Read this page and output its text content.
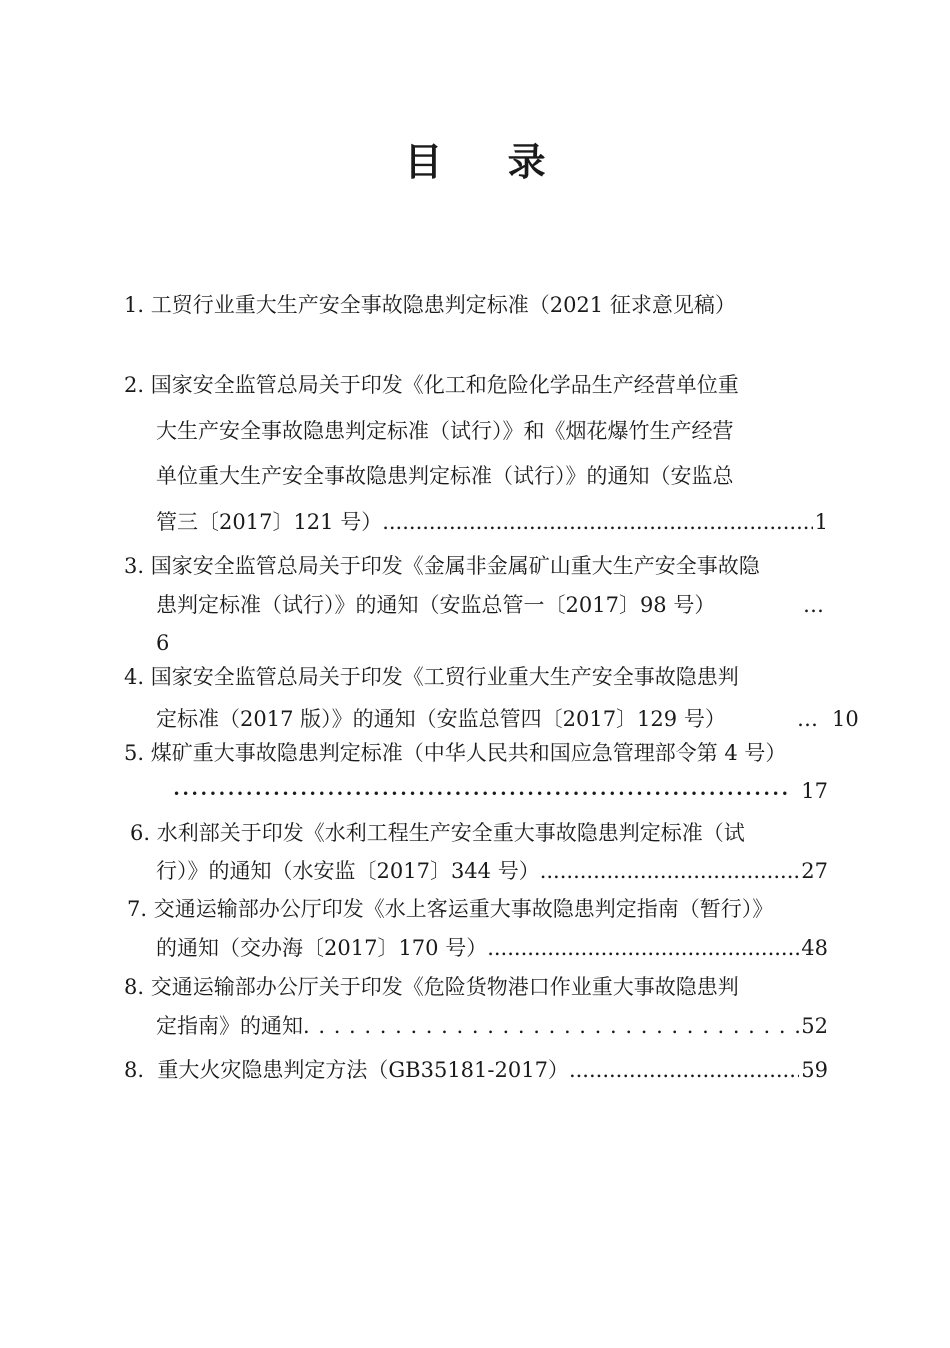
目 录
1. 工贸行业重大生产安全事故隐患判定标准（2021 征求意见稿）
2. 国家安全监管总局关于印发《化工和危险化学品生产经营单位重
大生产安全事故隐患判定标准（试行）》和《烟花爆竹生产经营
单位重大生产安全事故隐患判定标准（试行）》的通知（安监总
管三〔2017〕121 号） .....	1
3. 国家安全监管总局关于印发《金属非金属矿山重大生产安全事故隐
患判定标准（试行）》的通知（安监总管一〔2017〕98 号）	…
6
4. 国家安全监管总局关于印发《工贸行业重大生产安全事故隐患判
定标准（2017 版）》的通知（安监总管四〔2017〕129 号）	… 10
5. 煤矿重大事故隐患判定标准（中华人民共和国应急管理部令第 4 号）
•••••
17
6. 水利部关于印发《水利工程生产安全重大事故隐患判定标准（试
行）》的通知（水安监〔2017〕344 号） .....	27
7. 交通运输部办公厅印发《水上客运重大事故隐患判定指南（暂行）》
的通知（交办海〔2017〕170 号） .....	48
8. 交通运输部办公厅关于印发《危险货物港口作业重大事故隐患判
定指南》的通知 . . .	52
8.  重大火灾隐患判定方法（GB35181-2017） .....	59
